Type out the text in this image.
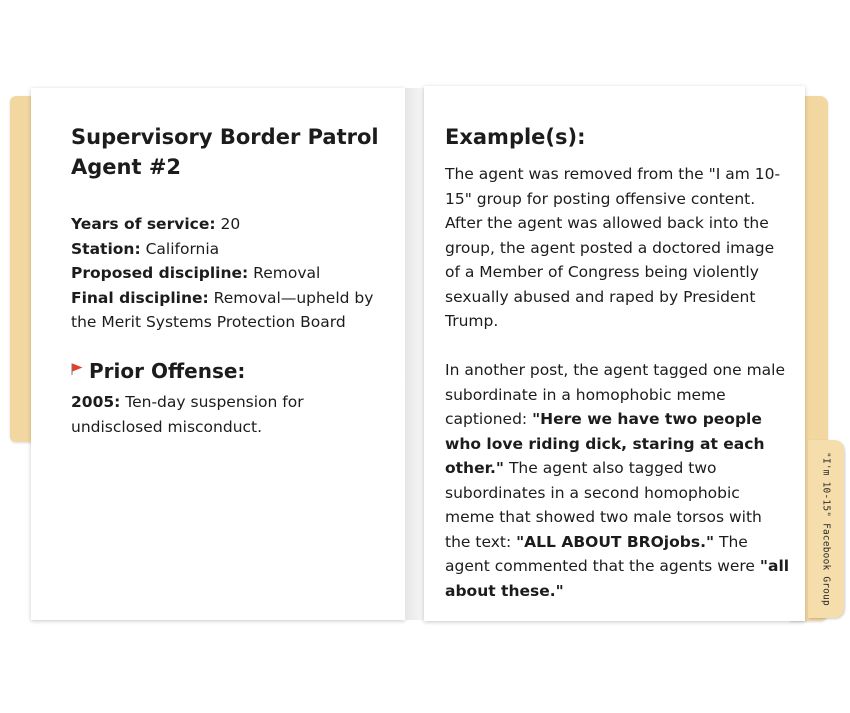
"I'm 10-15" Facebook Group
Supervisory Border Patrol Agent #2
Years of service: 20
Station: California
Proposed discipline: Removal
Final discipline: Removal—upheld by the Merit Systems Protection Board
Prior Offense:
2005: Ten-day suspension for undisclosed misconduct.
Example(s):

The agent was removed from the "I am 10-15" group for posting offensive content. After the agent was allowed back into the group, the agent posted a doctored image of a Member of Congress being violently sexually abused and raped by President Trump.

In another post, the agent tagged one male subordinate in a homophobic meme captioned: "Here we have two people who love riding dick, staring at each other." The agent also tagged two subordinates in a second homophobic meme that showed two male torsos with the text: "ALL ABOUT BROjobs." The agent commented that the agents were "all about these."
